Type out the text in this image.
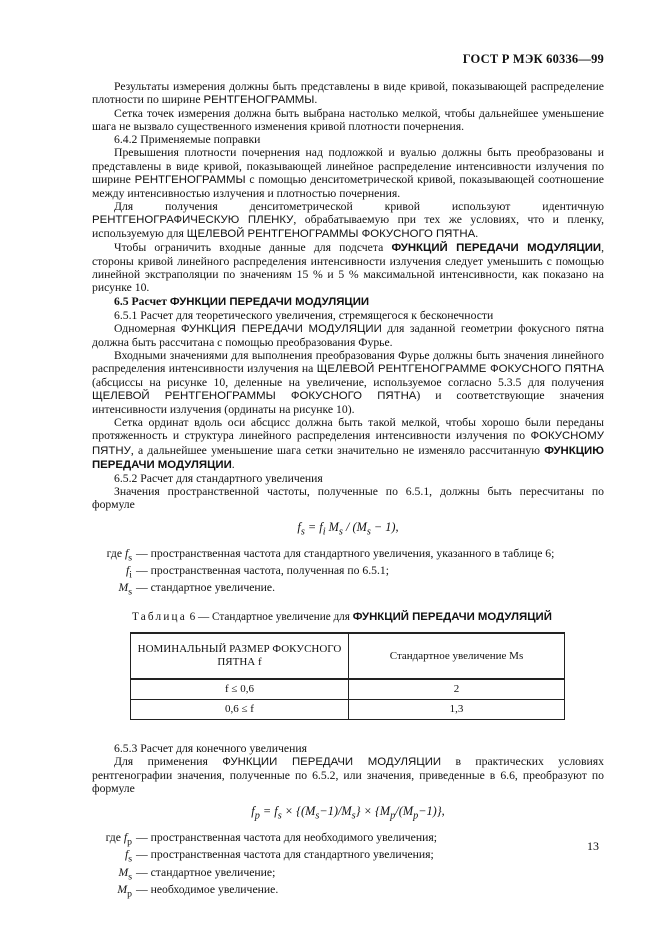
ГОСТ Р МЭК 60336—99

Результаты измерения должны быть представлены в виде кривой, показывающей распределение плотности по ширине РЕНТГЕНОГРАММЫ.

Сетка точек измерения должна быть выбрана настолько мелкой, чтобы дальнейшее уменьшение шага не вызвало существенного изменения кривой плотности почернения.

6.4.2 Применяемые поправки

Превышения плотности почернения над подложкой и вуалью должны быть преобразованы и представлены в виде кривой, показывающей линейное распределение интенсивности излучения по ширине РЕНТГЕНОГРАММЫ с помощью денситометрической кривой, показывающей соотношение между интенсивностью излучения и плотностью почернения.

Для получения денситометрической кривой используют идентичную РЕНТГЕНОГРАФИЧЕСКУЮ ПЛЕНКУ, обрабатываемую при тех же условиях, что и пленку, используемую для ЩЕЛЕВОЙ РЕНТГЕНОГРАММЫ ФОКУСНОГО ПЯТНА.

Чтобы ограничить входные данные для подсчета ФУНКЦИЙ ПЕРЕДАЧИ МОДУЛЯЦИИ, стороны кривой линейного распределения интенсивности излучения следует уменьшить с помощью линейной экстраполяции по значениям 15 % и 5 % максимальной интенсивности, как показано на рисунке 10.

6.5 Расчет ФУНКЦИИ ПЕРЕДАЧИ МОДУЛЯЦИИ

6.5.1 Расчет для теоретического увеличения, стремящегося к бесконечности

Одномерная ФУНКЦИЯ ПЕРЕДАЧИ МОДУЛЯЦИИ для заданной геометрии фокусного пятна должна быть рассчитана с помощью преобразования Фурье.

Входными значениями для выполнения преобразования Фурье должны быть значения линейного распределения интенсивности излучения на ЩЕЛЕВОЙ РЕНТГЕНОГРАММЕ ФОКУСНОГО ПЯТНА (абсциссы на рисунке 10, деленные на увеличение, используемое согласно 5.3.5 для получения ЩЕЛЕВОЙ РЕНТГЕНОГРАММЫ ФОКУСНОГО ПЯТНА) и соответствующие значения интенсивности излучения (ординаты на рисунке 10).

Сетка ординат вдоль оси абсцисс должна быть такой мелкой, чтобы хорошо были переданы протяженность и структура линейного распределения интенсивности излучения по ФОКУСНОМУ ПЯТНУ, а дальнейшее уменьшение шага сетки значительно не изменяло рассчитанную ФУНКЦИЮ ПЕРЕДАЧИ МОДУЛЯЦИИ.

6.5.2 Расчет для стандартного увеличения

Значения пространственной частоты, полученные по 6.5.1, должны быть пересчитаны по формуле

$f_s = f_i$ $M_s / (M_s - 1)$,
где $f_s$ — пространственная частота для стандартного увеличения, указанного в таблице 6;
$f_i$ — пространственная частота, полученная по 6.5.1;
$M_s$ — стандартное увеличение.
Таблица 6 — Стандартное увеличение для ФУНКЦИЙ ПЕРЕДАЧИ МОДУЛЯЦИЙ
НОМИНАЛЬНЫЙ РАЗМЕР ФОКУСНОГО ПЯТНА f	Стандартное увеличение Ms
f ≤ 0,6	2
0,6 ≤ f	1,3

6.5.3 Расчет для конечного увеличения

Для применения ФУНКЦИИ ПЕРЕДАЧИ МОДУЛЯЦИИ в практических условиях рентгенографии значения, полученные по 6.5.2, или значения, приведенные в 6.6, преобразуют по формуле

$f_p = f_s \times \{(M_s-1)/M_s\} \times \{M_p/(M_p-1)\}$,
где $f_p$ — пространственная частота для необходимого увеличения;
$f_s$ — пространственная частота для стандартного увеличения;
$M_s$ — стандартное увеличение;
$M_p$ — необходимое увеличение.
13
